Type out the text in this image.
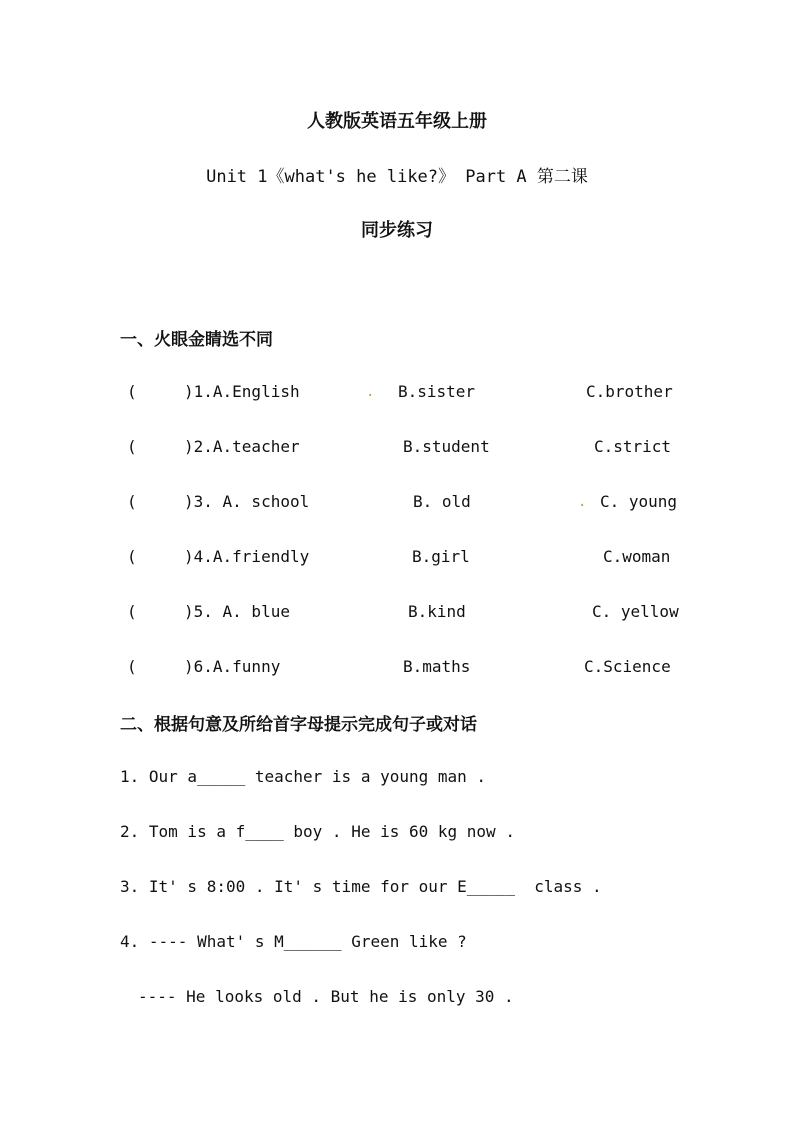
人教版英语五年级上册
Unit 1《what's he like?》 Part A 第二课
同步练习
一、火眼金睛选不同
(	)1.A.English	. B.sister	C.brother
(	)2.A.teacher	B.student	C.strict
(	)3. A. school	B. old	. C. young
(	)4.A.friendly	B.girl	C.woman
(	)5. A. blue	B.kind	C. yellow
(	)6.A.funny	B.maths	C.Science
二、根据句意及所给首字母提示完成句子或对话
1. Our a_____ teacher is a young man .
2. Tom is a f____ boy . He is 60 kg now .
3. It' s 8:00 . It' s time for our E_____  class .
4. ---- What' s M______ Green like ?
---- He looks old . But he is only 30 .
